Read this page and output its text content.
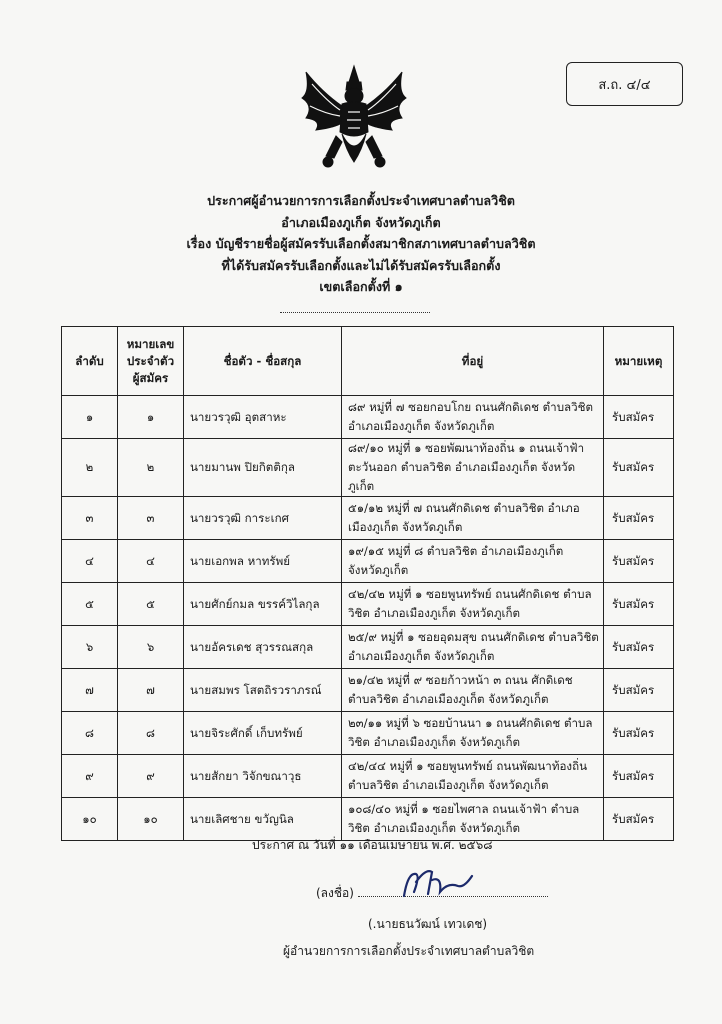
ส.ถ. ๔/๔
ประกาศผู้อำนวยการการเลือกตั้งประจำเทศบาลตำบลวิชิต
อำเภอเมืองภูเก็ต จังหวัดภูเก็ต
เรื่อง บัญชีรายชื่อผู้สมัครรับเลือกตั้งสมาชิกสภาเทศบาลตำบลวิชิต
ที่ได้รับสมัครรับเลือกตั้งและไม่ได้รับสมัครรับเลือกตั้ง
เขตเลือกตั้งที่ ๑
ลำดับ	หมายเลข
ประจำตัว
ผู้สมัคร	ชื่อตัว - ชื่อสกุล	ที่อยู่	หมายเหตุ
๑	๑	นายวรวุฒิ อุตสาหะ	๘๙ หมู่ที่ ๗ ซอยกอบโกย ถนนศักดิเดช ตำบลวิชิต อำเภอเมืองภูเก็ต จังหวัดภูเก็ต	รับสมัคร
๒	๒	นายมานพ ปิยกิตติกุล	๘๙/๑๐ หมู่ที่ ๑ ซอยพัฒนาท้องถิ่น ๑ ถนนเจ้าฟ้าตะวันออก ตำบลวิชิต อำเภอเมืองภูเก็ต จังหวัดภูเก็ต	รับสมัคร
๓	๓	นายวรวุฒิ การะเกศ	๕๑/๑๒ หมู่ที่ ๗ ถนนศักดิเดช ตำบลวิชิต อำเภอเมืองภูเก็ต จังหวัดภูเก็ต	รับสมัคร
๔	๔	นายเอกพล หาทรัพย์	๑๙/๑๕ หมู่ที่ ๘ ตำบลวิชิต อำเภอเมืองภูเก็ต จังหวัดภูเก็ต	รับสมัคร
๕	๕	นายศักย์กมล ขรรค์วิไลกุล	๔๒/๔๒ หมู่ที่ ๑ ซอยพูนทรัพย์ ถนนศักดิเดช ตำบลวิชิต อำเภอเมืองภูเก็ต จังหวัดภูเก็ต	รับสมัคร
๖	๖	นายอัครเดช สุวรรณสกุล	๒๕/๙ หมู่ที่ ๑ ซอยอุดมสุข ถนนศักดิเดช ตำบลวิชิต อำเภอเมืองภูเก็ต จังหวัดภูเก็ต	รับสมัคร
๗	๗	นายสมพร โสตถิรวราภรณ์	๒๑/๔๒ หมู่ที่ ๙ ซอยก้าวหน้า ๓ ถนน ศักดิเดช ตำบลวิชิต อำเภอเมืองภูเก็ต จังหวัดภูเก็ต	รับสมัคร
๘	๘	นายจิระศักดิ์ เก็บทรัพย์	๒๓/๑๑ หมู่ที่ ๖ ซอยบ้านนา ๑ ถนนศักดิเดช ตำบลวิชิต อำเภอเมืองภูเก็ต จังหวัดภูเก็ต	รับสมัคร
๙	๙	นายสักยา วิจักขณาวุธ	๔๒/๔๔ หมู่ที่ ๑ ซอยพูนทรัพย์ ถนนพัฒนาท้องถิ่น ตำบลวิชิต อำเภอเมืองภูเก็ต จังหวัดภูเก็ต	รับสมัคร
๑๐	๑๐	นายเลิศชาย ขวัญนิล	๑๐๘/๔๐ หมู่ที่ ๑ ซอยไพศาล ถนนเจ้าฟ้า ตำบลวิชิต อำเภอเมืองภูเก็ต จังหวัดภูเก็ต	รับสมัคร
ประกาศ ณ วันที่ ๑๑ เดือนเมษายน พ.ศ. ๒๕๖๘
(ลงชื่อ)
(.นายธนวัฒน์ เทวเดช)
ผู้อำนวยการการเลือกตั้งประจำเทศบาลตำบลวิชิต
